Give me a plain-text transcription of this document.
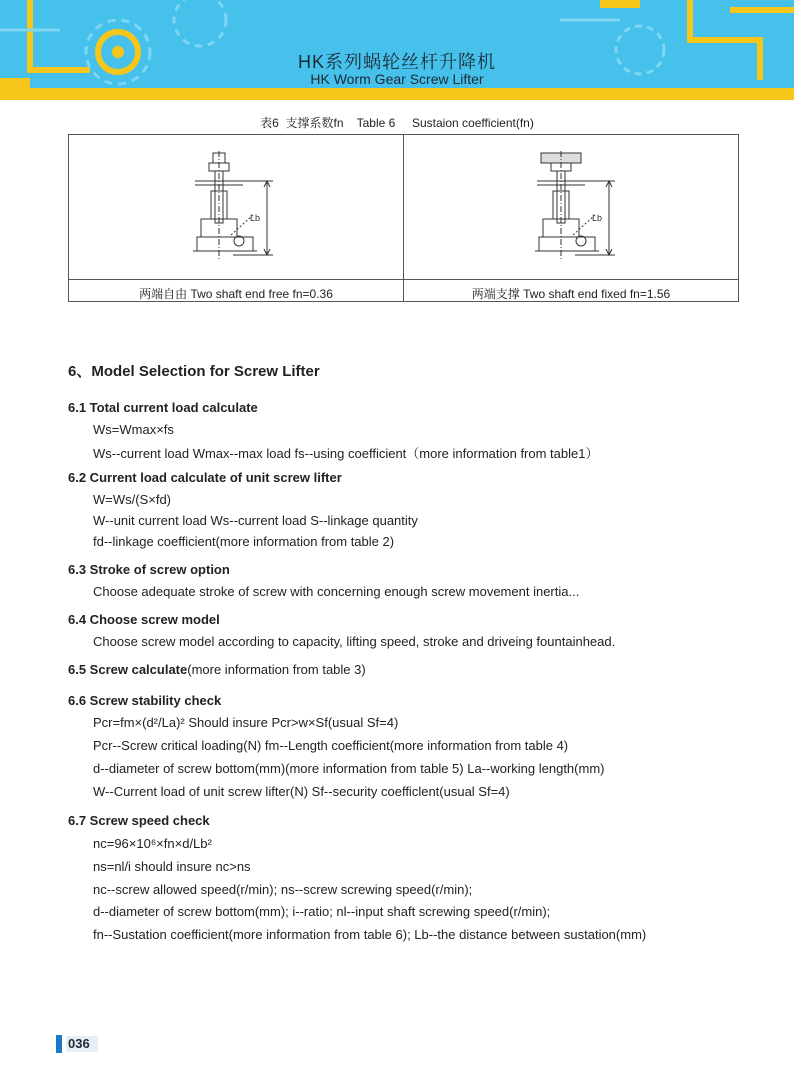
HK系列蜗轮丝杆升降机
HK Worm Gear Screw Lifter
表6  支撑系数fn    Table 6     Sustaion coefficient(fn)
Lb	Lb
两端自由 Two shaft end free fn=0.36	两端支撑 Two shaft end fixed fn=1.56
6、Model Selection for Screw Lifter
6.1 Total current load calculate
Ws=Wmax×fs
Ws--current load Wmax--max load fs--using coefficient（more information from table1）
6.2 Current load calculate of unit screw lifter
W=Ws/(S×fd)
W--unit current load Ws--current load S--linkage quantity
fd--linkage coefficient(more information from table 2)
6.3 Stroke of screw option
Choose adequate stroke of screw with concerning enough screw movement inertia...
6.4 Choose screw model
Choose screw model according to capacity, lifting speed, stroke and driveing fountainhead.
6.5 Screw calculate(more information from table 3)
6.6 Screw stability check
Pcr=fm×(d²/La)² Should insure Pcr>w×Sf(usual Sf=4)
Pcr--Screw critical loading(N) fm--Length coefficient(more information from table 4)
d--diameter of screw bottom(mm)(more information from table 5) La--working length(mm)
W--Current load of unit screw lifter(N) Sf--security coefficlent(usual Sf=4)
6.7 Screw speed check
nc=96×10⁶×fn×d/Lb²
ns=nl/i should insure nc>ns
nc--screw allowed speed(r/min); ns--screw screwing speed(r/min);
d--diameter of screw bottom(mm); i--ratio; nl--input shaft screwing speed(r/min);
fn--Sustation coefficient(more information from table 6); Lb--the distance between sustation(mm)
036
